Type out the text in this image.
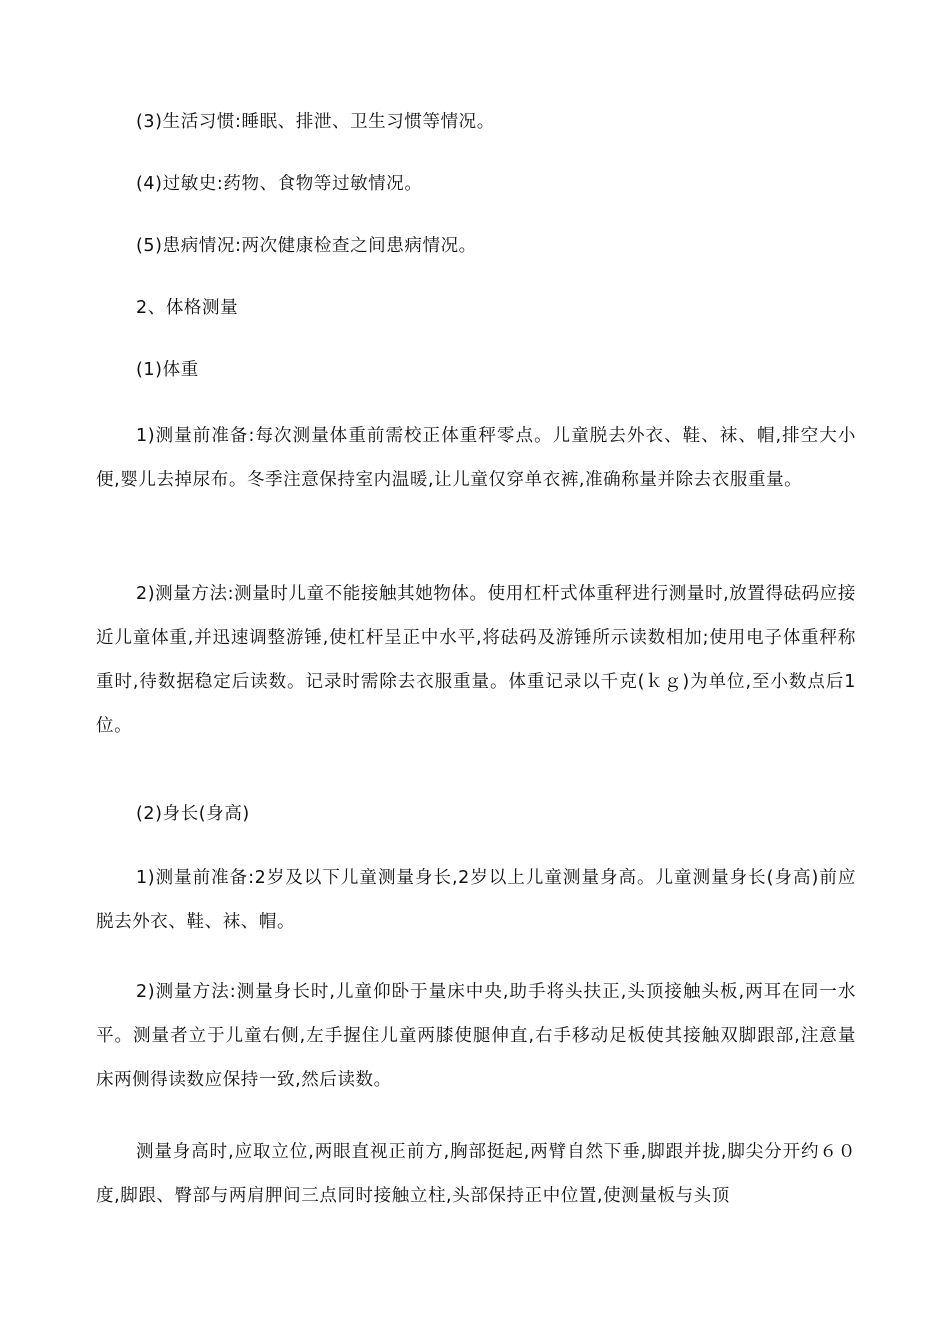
(3)生活习惯:睡眠、排泄、卫生习惯等情况。

(4)过敏史:药物、食物等过敏情况。

(5)患病情况:两次健康检查之间患病情况。

2、体格测量

(1)体重

1)测量前准备:每次测量体重前需校正体重秤零点。儿童脱去外衣、鞋、袜、帽,排空大小便,婴儿去掉尿布。冬季注意保持室内温暖,让儿童仅穿单衣裤,准确称量并除去衣服重量。

2)测量方法:测量时儿童不能接触其她物体。使用杠杆式体重秤进行测量时,放置得砝码应接近儿童体重,并迅速调整游锤,使杠杆呈正中水平,将砝码及游锤所示读数相加;使用电子体重秤称重时,待数据稳定后读数。记录时需除去衣服重量。体重记录以千克(ｋｇ)为单位,至小数点后1位。

(2)身长(身高)

1)测量前准备:2岁及以下儿童测量身长,2岁以上儿童测量身高。儿童测量身长(身高)前应脱去外衣、鞋、袜、帽。

2)测量方法:测量身长时,儿童仰卧于量床中央,助手将头扶正,头顶接触头板,两耳在同一水平。测量者立于儿童右侧,左手握住儿童两膝使腿伸直,右手移动足板使其接触双脚跟部,注意量床两侧得读数应保持一致,然后读数。

测量身高时,应取立位,两眼直视正前方,胸部挺起,两臂自然下垂,脚跟并拢,脚尖分开约６０度,脚跟、臀部与两肩胛间三点同时接触立柱,头部保持正中位置,使测量板与头顶
